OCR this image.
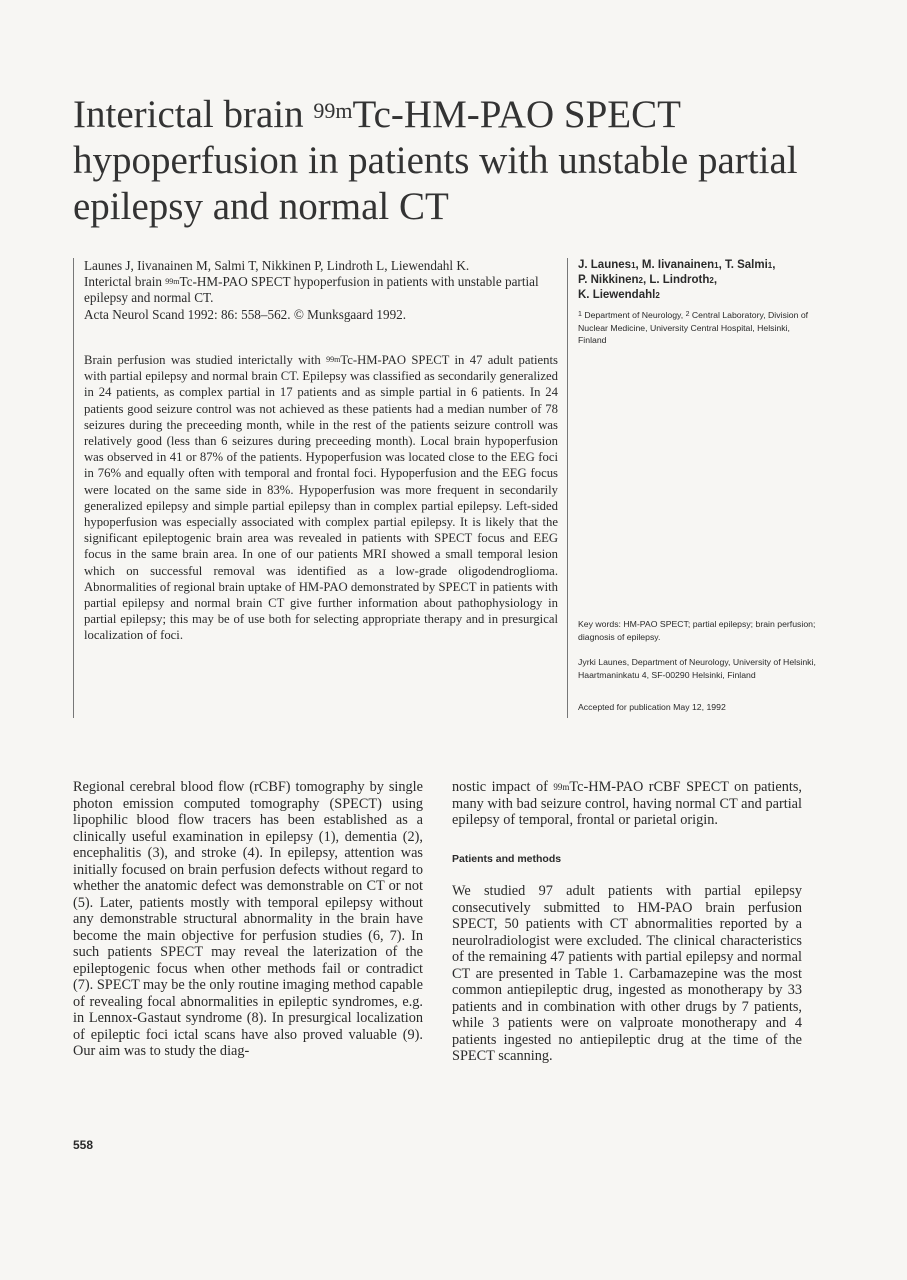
Interictal brain $^{99m}$Tc-HM-PAO SPECT
hypoperfusion in patients with unstable partial
epilepsy and normal CT

Launes J, Iivanainen M, Salmi T, Nikkinen P, Lindroth L, Liewendahl K.
Interictal brain $^{99m}$Tc-HM-PAO SPECT hypoperfusion in patients with unstable partial epilepsy and normal CT.
Acta Neurol Scand 1992: 86: 558–562. © Munksgaard 1992.

Brain perfusion was studied interictally with $^{99m}$Tc-HM-PAO SPECT in 47 adult patients with partial epilepsy and normal brain CT. Epilepsy was classified as secondarily generalized in 24 patients, as complex partial in 17 patients and as simple partial in 6 patients. In 24 patients good seizure control was not achieved as these patients had a median number of 78 seizures during the preceeding month, while in the rest of the patients seizure controll was relatively good (less than 6 seizures during preceeding month). Local brain hypoperfusion was observed in 41 or 87% of the patients. Hypoperfusion was located close to the EEG foci in 76% and equally often with temporal and frontal foci. Hypoperfusion and the EEG focus were located on the same side in 83%. Hypoperfusion was more frequent in secondarily generalized epilepsy and simple partial epilepsy than in complex partial epilepsy. Left-sided hypoperfusion was especially associated with complex partial epilepsy. It is likely that the significant epileptogenic brain area was revealed in patients with SPECT focus and EEG focus in the same brain area. In one of our patients MRI showed a small temporal lesion which on successful removal was identified as a low-grade oligodendroglioma. Abnormalities of regional brain uptake of HM-PAO demonstrated by SPECT in patients with partial epilepsy and normal brain CT give further information about pathophysiology in partial epilepsy; this may be of use both for selecting appropriate therapy and in presurgical localization of foci.

J. Launes$^1$, M. Iivanainen$^1$, T. Salmi$^1$,
P. Nikkinen$^2$, L. Lindroth$^2$,
K. Liewendahl$^2$

$^1$ Department of Neurology, $^2$ Central Laboratory, Division of Nuclear Medicine, University Central Hospital, Helsinki, Finland

Key words: HM-PAO SPECT; partial epilepsy; brain perfusion; diagnosis of epilepsy.

Jyrki Launes, Department of Neurology, University of Helsinki, Haartmaninkatu 4, SF-00290 Helsinki, Finland

Accepted for publication May 12, 1992

Regional cerebral blood flow (rCBF) tomography by single photon emission computed tomography (SPECT) using lipophilic blood flow tracers has been established as a clinically useful examination in epilepsy (1), dementia (2), encephalitis (3), and stroke (4). In epilepsy, attention was initially focused on brain perfusion defects without regard to whether the anatomic defect was demonstrable on CT or not (5). Later, patients mostly with temporal epilepsy without any demonstrable structural abnormality in the brain have become the main objective for perfusion studies (6, 7). In such patients SPECT may reveal the laterization of the epileptogenic focus when other methods fail or contradict (7). SPECT may be the only routine imaging method capable of revealing focal abnormalities in epileptic syndromes, e.g. in Lennox-Gastaut syndrome (8). In presurgical localization of epileptic foci ictal scans have also proved valuable (9). Our aim was to study the diag-

nostic impact of $^{99m}$Tc-HM-PAO rCBF SPECT on patients, many with bad seizure control, having normal CT and partial epilepsy of temporal, frontal or parietal origin.

Patients and methods

We studied 97 adult patients with partial epilepsy consecutively submitted to HM-PAO brain perfusion SPECT, 50 patients with CT abnormalities reported by a neurolradiologist were excluded. The clinical characteristics of the remaining 47 patients with partial epilepsy and normal CT are presented in Table 1. Carbamazepine was the most common antiepileptic drug, ingested as monotherapy by 33 patients and in combination with other drugs by 7 patients, while 3 patients were on valproate monotherapy and 4 patients ingested no antiepileptic drug at the time of the SPECT scanning.

558
